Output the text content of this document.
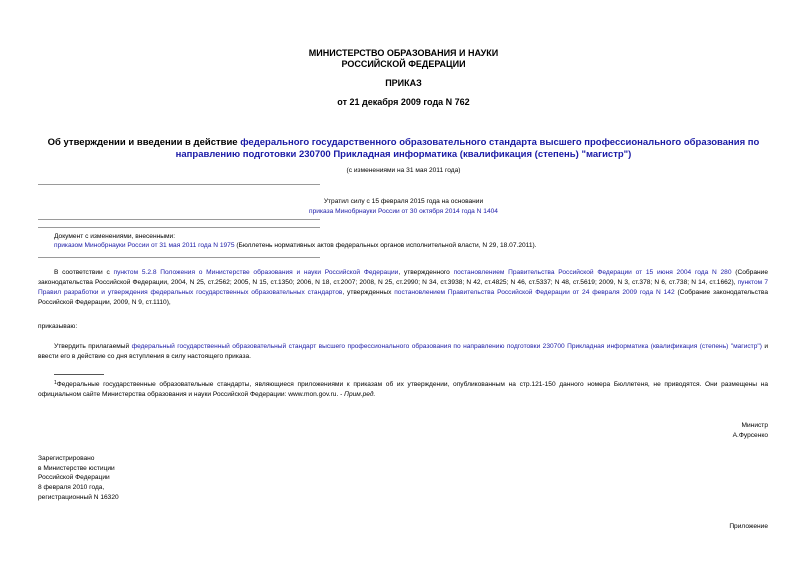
МИНИСТЕРСТВО ОБРАЗОВАНИЯ И НАУКИ
РОССИЙСКОЙ ФЕДЕРАЦИИ
ПРИКАЗ
от 21 декабря 2009 года N 762
Об утверждении и введении в действие федерального государственного образовательного стандарта высшего профессионального образования по направлению подготовки 230700 Прикладная информатика (квалификация (степень) "магистр")
(с изменениями на 31 мая 2011 года)
Утратил силу с 15 февраля 2015 года на основании
приказа Минобрнауки России от 30 октября 2014 года N 1404
Документ с изменениями, внесенными:
приказом Минобрнауки России от 31 мая 2011 года N 1975 (Бюллетень нормативных актов федеральных органов исполнительной власти, N 29, 18.07.2011).
В соответствии с пунктом 5.2.8 Положения о Министерстве образования и науки Российской Федерации, утвержденного постановлением Правительства Российской Федерации от 15 июня 2004 года N 280 (Собрание законодательства Российской Федерации, 2004, N 25, ст.2562; 2005, N 15, ст.1350; 2006, N 18, ст.2007; 2008, N 25, ст.2990; N 34, ст.3938; N 42, ст.4825; N 46, ст.5337; N 48, ст.5619; 2009, N 3, ст.378; N 6, ст.738; N 14, ст.1662), пунктом 7 Правил разработки и утверждения федеральных государственных образовательных стандартов, утвержденных постановлением Правительства Российской Федерации от 24 февраля 2009 года N 142 (Собрание законодательства Российской Федерации, 2009, N 9, ст.1110),
приказываю:
Утвердить прилагаемый федеральный государственный образовательный стандарт высшего профессионального образования по направлению подготовки 230700 Прикладная информатика (квалификация (степень) "магистр") и ввести его в действие со дня вступления в силу настоящего приказа.
$^1$Федеральные государственные образовательные стандарты, являющиеся приложениями к приказам об их утверждении, опубликованным на стр.121-150 данного номера Бюллетеня, не приводятся. Они размещены на официальном сайте Министерства образования и науки Российской Федерации: www.mon.gov.ru. - Прим.ред.
Министр
А.Фурсенко
Зарегистрировано
в Министерстве юстиции
Российской Федерации
8 февраля 2010 года,
регистрационный N 16320
Приложение
